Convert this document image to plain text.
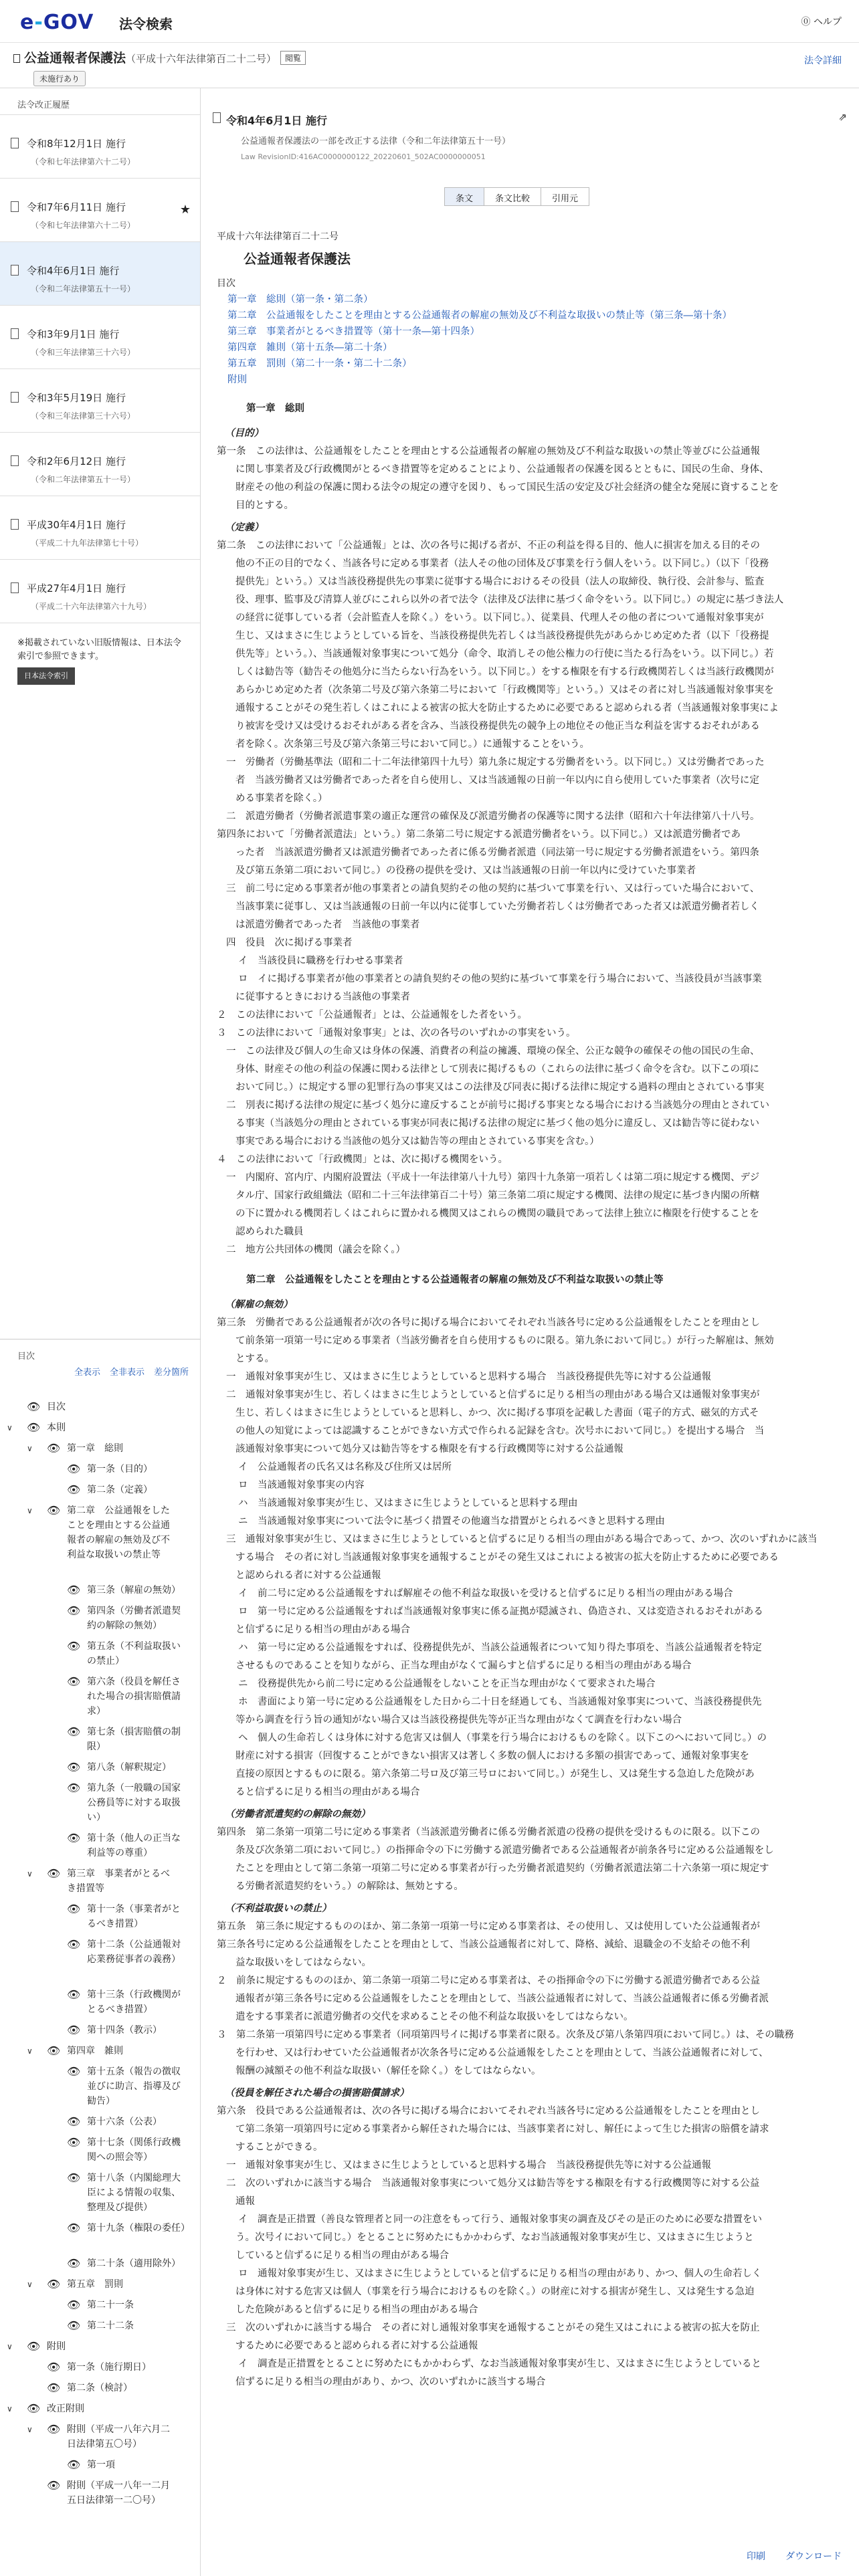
e-GOV 法令検索	⓪ ヘルプ
公益通報者保護法（平成十六年法律第百二十二号） 閲覧
未施行あり
法令詳細
法令改正履歴
令和8年12月1日 施行
（令和七年法律第六十二号）
令和7年6月11日 施行
（令和七年法律第六十二号）
★
令和4年6月1日 施行
（令和二年法律第五十一号）
令和3年9月1日 施行
（令和三年法律第三十六号）
令和3年5月19日 施行
（令和三年法律第三十六号）
令和2年6月12日 施行
（令和二年法律第五十一号）
平成30年4月1日 施行
（平成二十九年法律第七十号）
平成27年4月1日 施行
（平成二十六年法律第六十九号）
※掲載されていない旧版情報は、日本法令索引で参照できます。
日本法令索引
目次
全表示 全非表示 差分箇所
👁 目次
∨ 👁 本則
∨ 👁 第一章　総則
👁 第一条（目的）
👁 第二条（定義）
∨ 👁 第二章　公益通報をしたことを理由とする公益通報者の解雇の無効及び不利益な取扱いの禁止等
👁 第三条（解雇の無効）
👁 第四条（労働者派遣契約の解除の無効）
👁 第五条（不利益取扱いの禁止）
👁 第六条（役員を解任された場合の損害賠償請求）
👁 第七条（損害賠償の制限）
👁 第八条（解釈規定）
👁 第九条（一般職の国家公務員等に対する取扱い）
👁 第十条（他人の正当な利益等の尊重）
∨ 👁 第三章　事業者がとるべき措置等
👁 第十一条（事業者がとるべき措置）
👁 第十二条（公益通報対応業務従事者の義務）
👁 第十三条（行政機関がとるべき措置）
👁 第十四条（教示）
∨ 👁 第四章　雑則
👁 第十五条（報告の徴収並びに助言、指導及び勧告）
👁 第十六条（公表）
👁 第十七条（関係行政機関への照会等）
👁 第十八条（内閣総理大臣による情報の収集、整理及び提供）
👁 第十九条（権限の委任）
👁 第二十条（適用除外）
∨ 👁 第五章　罰則
👁 第二十一条
👁 第二十二条
∨ 👁 附則
👁 第一条（施行期日）
👁 第二条（検討）
∨ 👁 改正附則
∨ 👁 附則（平成一八年六月二日法律第五〇号）
👁 第一項
👁 附則（平成一八年一二月五日法律第一二〇号）
令和4年6月1日 施行	⇗
公益通報者保護法の一部を改正する法律（令和二年法律第五十一号）
Law RevisionID:416AC0000000122_20220601_502AC0000000051
条文	条文比較	引用元
平成十六年法律第百二十二号
公益通報者保護法
目次
第一章　総則（第一条・第二条）
第二章　公益通報をしたことを理由とする公益通報者の解雇の無効及び不利益な取扱いの禁止等（第三条―第十条）
第三章　事業者がとるべき措置等（第十一条―第十四条）
第四章　雑則（第十五条―第二十条）
第五章　罰則（第二十一条・第二十二条）
附則
第一章　総則
（目的）
第一条　この法律は、公益通報をしたことを理由とする公益通報者の解雇の無効及び不利益な取扱いの禁止等並びに公益通報
に関し事業者及び行政機関がとるべき措置等を定めることにより、公益通報者の保護を図るとともに、国民の生命、身体、
財産その他の利益の保護に関わる法令の規定の遵守を図り、もって国民生活の安定及び社会経済の健全な発展に資することを
目的とする。
（定義）
第二条　この法律において「公益通報」とは、次の各号に掲げる者が、不正の利益を得る目的、他人に損害を加える目的その
他の不正の目的でなく、当該各号に定める事業者（法人その他の団体及び事業を行う個人をいう。以下同じ。）（以下「役務
提供先」という。）又は当該役務提供先の事業に従事する場合におけるその役員（法人の取締役、執行役、会計参与、監査
役、理事、監事及び清算人並びにこれら以外の者で法令（法律及び法律に基づく命令をいう。以下同じ。）の規定に基づき法人
の経営に従事している者（会計監査人を除く。）をいう。以下同じ。）、従業員、代理人その他の者について通報対象事実が
生じ、又はまさに生じようとしている旨を、当該役務提供先若しくは当該役務提供先があらかじめ定めた者（以下「役務提
供先等」という。）、当該通報対象事実について処分（命令、取消しその他公権力の行使に当たる行為をいう。以下同じ。）若
しくは勧告等（勧告その他処分に当たらない行為をいう。以下同じ。）をする権限を有する行政機関若しくは当該行政機関が
あらかじめ定めた者（次条第二号及び第六条第二号において「行政機関等」という。）又はその者に対し当該通報対象事実を
通報することがその発生若しくはこれによる被害の拡大を防止するために必要であると認められる者（当該通報対象事実によ
り被害を受け又は受けるおそれがある者を含み、当該役務提供先の競争上の地位その他正当な利益を害するおそれがある
者を除く。次条第三号及び第六条第三号において同じ。）に通報することをいう。
一　労働者（労働基準法（昭和二十二年法律第四十九号）第九条に規定する労働者をいう。以下同じ。）又は労働者であった
者　当該労働者又は労働者であった者を自ら使用し、又は当該通報の日前一年以内に自ら使用していた事業者（次号に定
める事業者を除く。）
二　派遣労働者（労働者派遣事業の適正な運営の確保及び派遣労働者の保護等に関する法律（昭和六十年法律第八十八号。
第四条において「労働者派遣法」という。）第二条第二号に規定する派遣労働者をいう。以下同じ。）又は派遣労働者であ
った者　当該派遣労働者又は派遣労働者であった者に係る労働者派遣（同法第一号に規定する労働者派遣をいう。第四条
及び第五条第二項において同じ。）の役務の提供を受け、又は当該通報の日前一年以内に受けていた事業者
三　前二号に定める事業者が他の事業者との請負契約その他の契約に基づいて事業を行い、又は行っていた場合において、
当該事業に従事し、又は当該通報の日前一年以内に従事していた労働者若しくは労働者であった者又は派遣労働者若しく
は派遣労働者であった者　当該他の事業者
四　役員　次に掲げる事業者
イ　当該役員に職務を行わせる事業者
ロ　イに掲げる事業者が他の事業者との請負契約その他の契約に基づいて事業を行う場合において、当該役員が当該事業
に従事するときにおける当該他の事業者
２　この法律において「公益通報者」とは、公益通報をした者をいう。
３　この法律において「通報対象事実」とは、次の各号のいずれかの事実をいう。
一　この法律及び個人の生命又は身体の保護、消費者の利益の擁護、環境の保全、公正な競争の確保その他の国民の生命、
身体、財産その他の利益の保護に関わる法律として別表に掲げるもの（これらの法律に基づく命令を含む。以下この項に
おいて同じ。）に規定する罪の犯罪行為の事実又はこの法律及び同表に掲げる法律に規定する過料の理由とされている事実
二　別表に掲げる法律の規定に基づく処分に違反することが前号に掲げる事実となる場合における当該処分の理由とされてい
る事実（当該処分の理由とされている事実が同表に掲げる法律の規定に基づく他の処分に違反し、又は勧告等に従わない
事実である場合における当該他の処分又は勧告等の理由とされている事実を含む。）
４　この法律において「行政機関」とは、次に掲げる機関をいう。
一　内閣府、宮内庁、内閣府設置法（平成十一年法律第八十九号）第四十九条第一項若しくは第二項に規定する機関、デジ
タル庁、国家行政組織法（昭和二十三年法律第百二十号）第三条第二項に規定する機関、法律の規定に基づき内閣の所轄
の下に置かれる機関若しくはこれらに置かれる機関又はこれらの機関の職員であって法律上独立に権限を行使することを
認められた職員
二　地方公共団体の機関（議会を除く。）
第二章　公益通報をしたことを理由とする公益通報者の解雇の無効及び不利益な取扱いの禁止等
（解雇の無効）
第三条　労働者である公益通報者が次の各号に掲げる場合においてそれぞれ当該各号に定める公益通報をしたことを理由とし
て前条第一項第一号に定める事業者（当該労働者を自ら使用するものに限る。第九条において同じ。）が行った解雇は、無効
とする。
一　通報対象事実が生じ、又はまさに生じようとしていると思料する場合　当該役務提供先等に対する公益通報
二　通報対象事実が生じ、若しくはまさに生じようとしていると信ずるに足りる相当の理由がある場合又は通報対象事実が
生じ、若しくはまさに生じようとしていると思料し、かつ、次に掲げる事項を記載した書面（電子的方式、磁気的方式そ
の他人の知覚によっては認識することができない方式で作られる記録を含む。次号ホにおいて同じ。）を提出する場合　当
該通報対象事実について処分又は勧告等をする権限を有する行政機関等に対する公益通報
イ　公益通報者の氏名又は名称及び住所又は居所
ロ　当該通報対象事実の内容
ハ　当該通報対象事実が生じ、又はまさに生じようとしていると思料する理由
ニ　当該通報対象事実について法令に基づく措置その他適当な措置がとられるべきと思料する理由
三　通報対象事実が生じ、又はまさに生じようとしていると信ずるに足りる相当の理由がある場合であって、かつ、次のいずれかに該当
する場合　その者に対し当該通報対象事実を通報することがその発生又はこれによる被害の拡大を防止するために必要である
と認められる者に対する公益通報
イ　前二号に定める公益通報をすれば解雇その他不利益な取扱いを受けると信ずるに足りる相当の理由がある場合
ロ　第一号に定める公益通報をすれば当該通報対象事実に係る証拠が隠滅され、偽造され、又は変造されるおそれがある
と信ずるに足りる相当の理由がある場合
ハ　第一号に定める公益通報をすれば、役務提供先が、当該公益通報者について知り得た事項を、当該公益通報者を特定
させるものであることを知りながら、正当な理由がなくて漏らすと信ずるに足りる相当の理由がある場合
ニ　役務提供先から前二号に定める公益通報をしないことを正当な理由がなくて要求された場合
ホ　書面により第一号に定める公益通報をした日から二十日を経過しても、当該通報対象事実について、当該役務提供先
等から調査を行う旨の通知がない場合又は当該役務提供先等が正当な理由がなくて調査を行わない場合
ヘ　個人の生命若しくは身体に対する危害又は個人（事業を行う場合におけるものを除く。以下このヘにおいて同じ。）の
財産に対する損害（回復することができない損害又は著しく多数の個人における多額の損害であって、通報対象事実を
直接の原因とするものに限る。第六条第二号ロ及び第三号ロにおいて同じ。）が発生し、又は発生する急迫した危険があ
ると信ずるに足りる相当の理由がある場合
（労働者派遣契約の解除の無効）
第四条　第二条第一項第二号に定める事業者（当該派遣労働者に係る労働者派遣の役務の提供を受けるものに限る。以下この
条及び次条第二項において同じ。）の指揮命令の下に労働する派遣労働者である公益通報者が前条各号に定める公益通報をし
たことを理由として第二条第一項第二号に定める事業者が行った労働者派遣契約（労働者派遣法第二十六条第一項に規定す
る労働者派遣契約をいう。）の解除は、無効とする。
（不利益取扱いの禁止）
第五条　第三条に規定するもののほか、第二条第一項第一号に定める事業者は、その使用し、又は使用していた公益通報者が
第三条各号に定める公益通報をしたことを理由として、当該公益通報者に対して、降格、減給、退職金の不支給その他不利
益な取扱いをしてはならない。
２　前条に規定するもののほか、第二条第一項第二号に定める事業者は、その指揮命令の下に労働する派遣労働者である公益
通報者が第三条各号に定める公益通報をしたことを理由として、当該公益通報者に対して、当該公益通報者に係る労働者派
遣をする事業者に派遣労働者の交代を求めることその他不利益な取扱いをしてはならない。
３　第二条第一項第四号に定める事業者（同項第四号イに掲げる事業者に限る。次条及び第八条第四項において同じ。）は、その職務
を行わせ、又は行わせていた公益通報者が次条各号に定める公益通報をしたことを理由として、当該公益通報者に対して、
報酬の減額その他不利益な取扱い（解任を除く。）をしてはならない。
（役員を解任された場合の損害賠償請求）
第六条　役員である公益通報者は、次の各号に掲げる場合においてそれぞれ当該各号に定める公益通報をしたことを理由とし
て第二条第一項第四号に定める事業者から解任された場合には、当該事業者に対し、解任によって生じた損害の賠償を請求
することができる。
一　通報対象事実が生じ、又はまさに生じようとしていると思料する場合　当該役務提供先等に対する公益通報
二　次のいずれかに該当する場合　当該通報対象事実について処分又は勧告等をする権限を有する行政機関等に対する公益
通報
イ　調査是正措置（善良な管理者と同一の注意をもって行う、通報対象事実の調査及びその是正のために必要な措置をい
う。次号イにおいて同じ。）をとることに努めたにもかかわらず、なお当該通報対象事実が生じ、又はまさに生じようと
していると信ずるに足りる相当の理由がある場合
ロ　通報対象事実が生じ、又はまさに生じようとしていると信ずるに足りる相当の理由があり、かつ、個人の生命若しく
は身体に対する危害又は個人（事業を行う場合におけるものを除く。）の財産に対する損害が発生し、又は発生する急迫
した危険があると信ずるに足りる相当の理由がある場合
三　次のいずれかに該当する場合　その者に対し通報対象事実を通報することがその発生又はこれによる被害の拡大を防止
するために必要であると認められる者に対する公益通報
イ　調査是正措置をとることに努めたにもかかわらず、なお当該通報対象事実が生じ、又はまさに生じようとしていると
信ずるに足りる相当の理由があり、かつ、次のいずれかに該当する場合
印刷 ダウンロード
